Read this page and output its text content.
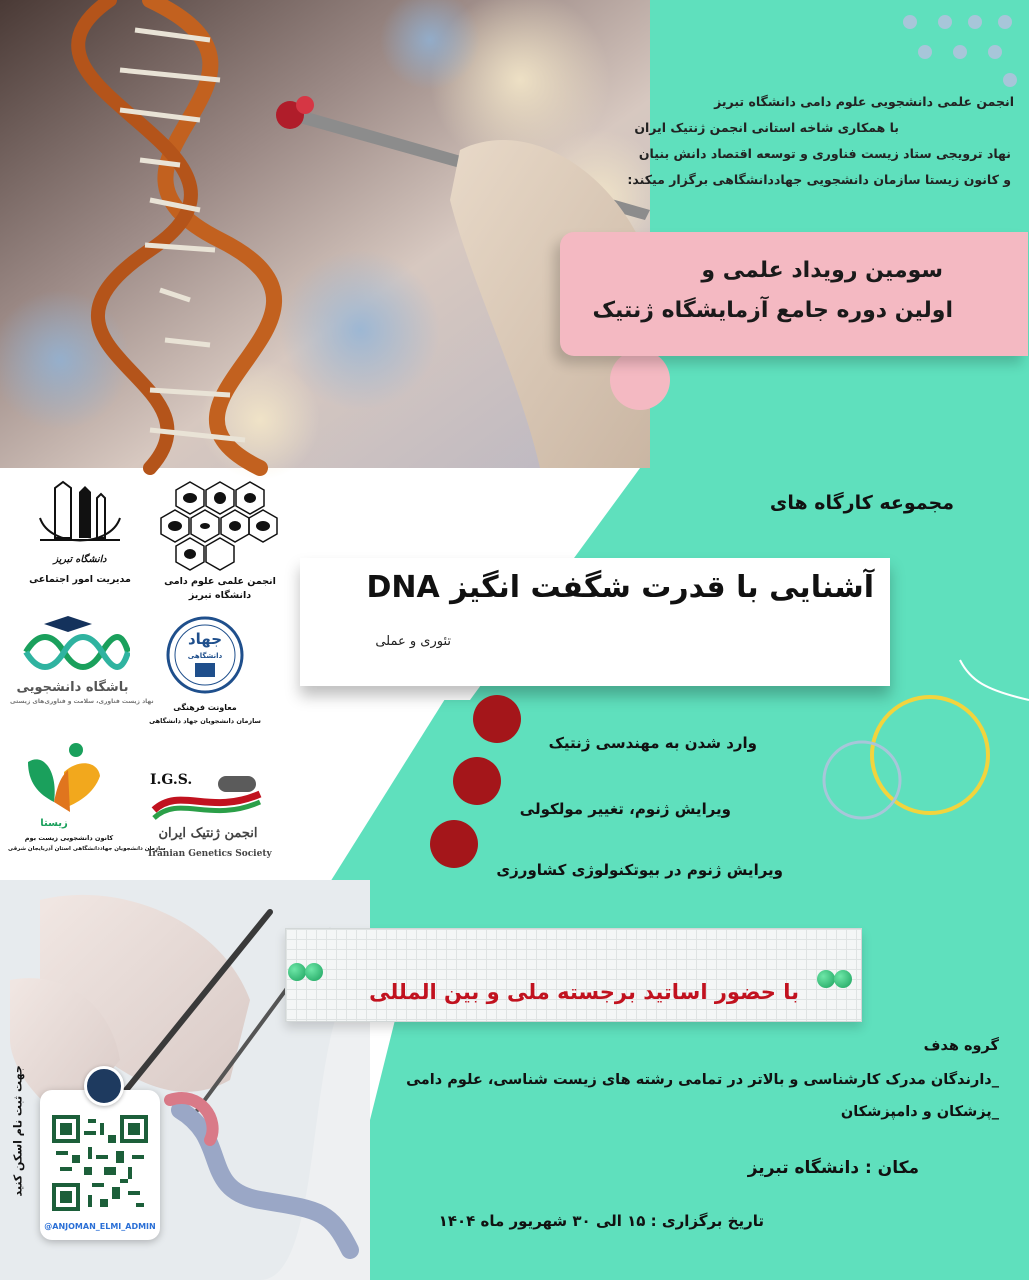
انجمن علمی دانشجویی علوم دامی دانشگاه تبریز
با همکاری شاخه استانی انجمن ژنتیک ایران
نهاد ترویجی ستاد زیست فناوری و توسعه اقتصاد دانش بنیان
و کانون زیستا سازمان دانشجویی جهاددانشگاهی برگزار میکند:
سومین رویداد علمی و
اولین دوره جامع آزمایشگاه ژنتیک
مجموعه کارگاه های
آشنایی با قدرت شگفت انگیز DNA
تئوری و عملی
وارد شدن به مهندسی ژنتیک
ویرایش ژنوم، تغییر مولکولی
ویرایش ژنوم در بیوتکنولوژی کشاورزی
با حضور اساتید برجسته ملی و بین المللی
گروه هدف
_دارندگان مدرک کارشناسی و بالاتر در تمامی رشته های زیست شناسی، علوم دامی
_پزشکان و دامپزشکان
مکان : دانشگاه تبریز
تاریخ برگزاری : ۱۵ الی ۳۰ شهریور ماه ۱۴۰۴
دانشگاه تبریز
مدیریت امور اجتماعی	انجمن علمی علوم دامی
دانشگاه تبریز
باشگاه دانشجویی
نهاد زیست فناوری، سلامت و فناوری‌های زیستی
جهاد
دانشگاهی
معاونت فرهنگی
سازمان دانشجویان جهاد دانشگاهی
زیستا
کانون دانشجویی زیست بوم
سازمان دانشجویان جهاددانشگاهی استان آذربایجان شرقی
I.G.S.
انجمن ژنتیک ایران
Iranian Genetics Society
@ANJOMAN_ELMI_ADMIN
جهت ثبت نام اسکن کنید
